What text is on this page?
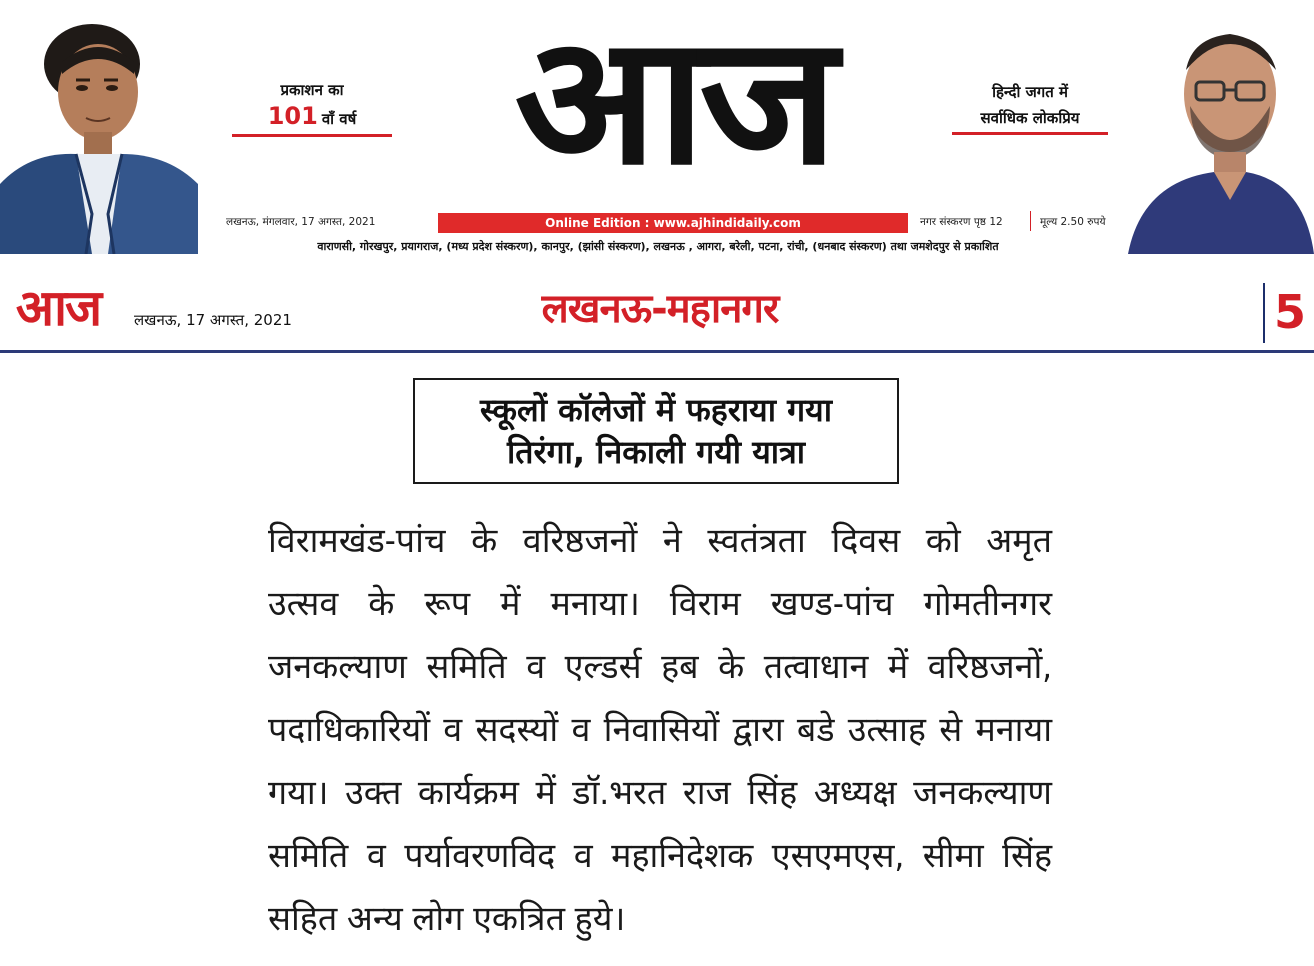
प्रकाशन का
101 वाँ वर्ष आज	हिन्दी जगत में
सर्वाधिक लोकप्रिय
लखनऊ, मंगलवार, 17 अगस्त, 2021	Online Edition : www.ajhindidaily.com	नगर संस्करण पृष्ठ 12	मूल्य 2.50 रुपये
वाराणसी, गोरखपुर, प्रयागराज, (मध्य प्रदेश संस्करण), कानपुर, (झांसी संस्करण), लखनऊ , आगरा, बरेली, पटना, रांची, (धनबाद संस्करण) तथा जमशेदपुर से प्रकाशित
आज	लखनऊ, 17 अगस्त, 2021	लखनऊ-महानगर	5
स्कूलों कॉलेजों में फहराया गया
तिरंगा, निकाली गयी यात्रा
विरामखंड-पांच के वरिष्ठजनों ने स्वतंत्रता दिवस को अमृत
उत्सव के रूप में मनाया। विराम खण्ड-पांच गोमतीनगर
जनकल्याण समिति व एल्डर्स हब के तत्वाधान में वरिष्ठजनों,
पदाधिकारियों व सदस्यों व निवासियों द्वारा बडे उत्साह से मनाया
गया। उक्त कार्यक्रम में डॉ.भरत राज सिंह अध्यक्ष जनकल्याण
समिति व पर्यावरणविद व महानिदेशक एसएमएस, सीमा सिंह
सहित अन्य लोग एकत्रित हुये।
